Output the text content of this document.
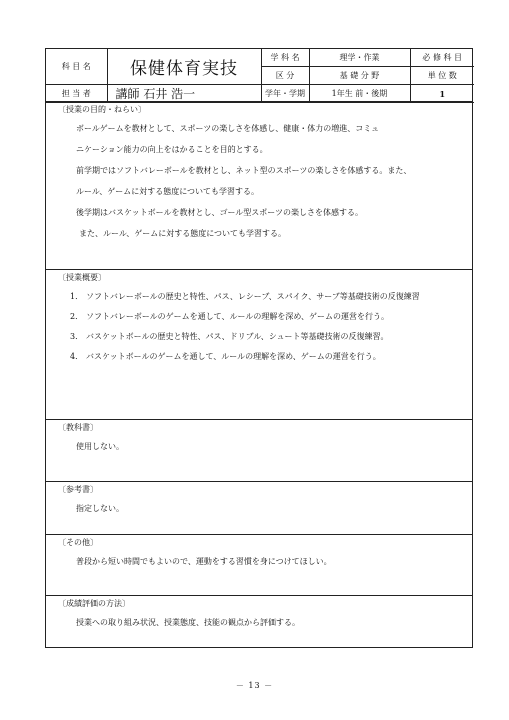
科 目 名	保健体育実技	学 科 名	理学・作業	必 修 科 目
		区 分	基 礎 分 野	単 位 数
担 当 者	講師 石井 浩一	学年・学期	1年生 前・後期	1
〔授業の目的・ねらい〕

ボールゲームを教材として、スポーツの楽しさを体感し、健康・体力の増進、コミュ

ニケーション能力の向上をはかることを目的とする。

前学期ではソフトバレーボールを教材とし、ネット型のスポーツの楽しさを体感する。また、

ルール、ゲームに対する態度についても学習する。

後学期はバスケットボールを教材とし、ゴール型スポーツの楽しさを体感する。

また、ルール、ゲームに対する態度についても学習する。

〔授業概要〕
1． ソフトバレーボールの歴史と特性、パス、レシーブ、スパイク、サーブ等基礎技術の反復練習
2． ソフトバレーボールのゲームを通して、ルールの理解を深め、ゲームの運営を行う。
3． バスケットボールの歴史と特性、パス、ドリブル、シュート等基礎技術の反復練習。
4． バスケットボールのゲームを通して、ルールの理解を深め、ゲームの運営を行う。
〔教科書〕

使用しない。

〔参考書〕

指定しない。

〔その他〕

普段から短い時間でもよいので、運動をする習慣を身につけてほしい。

〔成績評価の方法〕

授業への取り組み状況、授業態度、技能の観点から評価する。

－ 13 －
